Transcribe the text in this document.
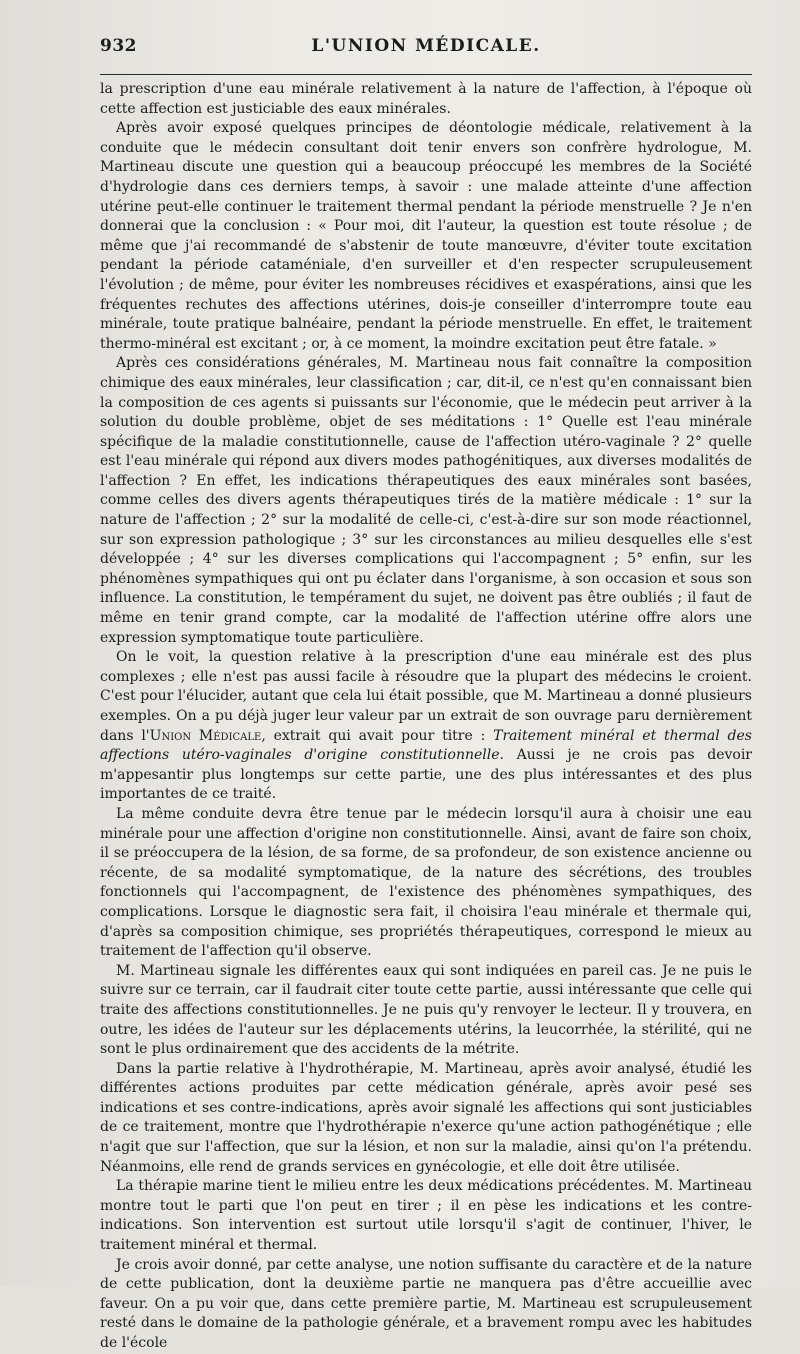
932	L'UNION MÉDICALE.

la prescription d'une eau minérale relativement à la nature de l'affection, à l'époque où cette affection est justiciable des eaux minérales.

Après avoir exposé quelques principes de déontologie médicale, relativement à la conduite que le médecin consultant doit tenir envers son confrère hydrologue, M. Martineau discute une question qui a beaucoup préoccupé les membres de la Société d'hydrologie dans ces derniers temps, à savoir : une malade atteinte d'une affection utérine peut-elle continuer le traitement thermal pendant la période menstruelle ? Je n'en donnerai que la conclusion : « Pour moi, dit l'auteur, la question est toute résolue ; de même que j'ai recommandé de s'abstenir de toute manœuvre, d'éviter toute excitation pendant la période cataméniale, d'en surveiller et d'en respecter scrupuleusement l'évolution ; de même, pour éviter les nombreuses récidives et exaspérations, ainsi que les fréquentes rechutes des affections utérines, dois-je conseiller d'interrompre toute eau minérale, toute pratique balnéaire, pendant la période menstruelle. En effet, le traitement thermo-minéral est excitant ; or, à ce moment, la moindre excitation peut être fatale. »

Après ces considérations générales, M. Martineau nous fait connaître la composition chimique des eaux minérales, leur classification ; car, dit-il, ce n'est qu'en connaissant bien la composition de ces agents si puissants sur l'économie, que le médecin peut arriver à la solution du double problème, objet de ses méditations : 1° Quelle est l'eau minérale spécifique de la maladie constitutionnelle, cause de l'affection utéro-vaginale ? 2° quelle est l'eau minérale qui répond aux divers modes pathogénitiques, aux diverses modalités de l'affection ? En effet, les indications thérapeutiques des eaux minérales sont basées, comme celles des divers agents thérapeutiques tirés de la matière médicale : 1° sur la nature de l'affection ; 2° sur la modalité de celle-ci, c'est-à-dire sur son mode réactionnel, sur son expression pathologique ; 3° sur les circonstances au milieu desquelles elle s'est développée ; 4° sur les diverses complications qui l'accompagnent ; 5° enfin, sur les phénomènes sympathiques qui ont pu éclater dans l'organisme, à son occasion et sous son influence. La constitution, le tempérament du sujet, ne doivent pas être oubliés ; il faut de même en tenir grand compte, car la modalité de l'affection utérine offre alors une expression symptomatique toute particulière.

On le voit, la question relative à la prescription d'une eau minérale est des plus complexes ; elle n'est pas aussi facile à résoudre que la plupart des médecins le croient. C'est pour l'élucider, autant que cela lui était possible, que M. Martineau a donné plusieurs exemples. On a pu déjà juger leur valeur par un extrait de son ouvrage paru dernièrement dans l'Union Médicale, extrait qui avait pour titre : Traitement minéral et thermal des affections utéro-vaginales d'origine constitutionnelle. Aussi je ne crois pas devoir m'appesantir plus longtemps sur cette partie, une des plus intéressantes et des plus importantes de ce traité.

La même conduite devra être tenue par le médecin lorsqu'il aura à choisir une eau minérale pour une affection d'origine non constitutionnelle. Ainsi, avant de faire son choix, il se préoccupera de la lésion, de sa forme, de sa profondeur, de son existence ancienne ou récente, de sa modalité symptomatique, de la nature des sécrétions, des troubles fonctionnels qui l'accompagnent, de l'existence des phénomènes sympathiques, des complications. Lorsque le diagnostic sera fait, il choisira l'eau minérale et thermale qui, d'après sa composition chimique, ses propriétés thérapeutiques, correspond le mieux au traitement de l'affection qu'il observe.

M. Martineau signale les différentes eaux qui sont indiquées en pareil cas. Je ne puis le suivre sur ce terrain, car il faudrait citer toute cette partie, aussi intéressante que celle qui traite des affections constitutionnelles. Je ne puis qu'y renvoyer le lecteur. Il y trouvera, en outre, les idées de l'auteur sur les déplacements utérins, la leucorrhée, la stérilité, qui ne sont le plus ordinairement que des accidents de la métrite.

Dans la partie relative à l'hydrothérapie, M. Martineau, après avoir analysé, étudié les différentes actions produites par cette médication générale, après avoir pesé ses indications et ses contre-indications, après avoir signalé les affections qui sont justiciables de ce traitement, montre que l'hydrothérapie n'exerce qu'une action pathogénétique ; elle n'agit que sur l'affection, que sur la lésion, et non sur la maladie, ainsi qu'on l'a prétendu. Néanmoins, elle rend de grands services en gynécologie, et elle doit être utilisée.

La thérapie marine tient le milieu entre les deux médications précédentes. M. Martineau montre tout le parti que l'on peut en tirer ; il en pèse les indications et les contre-indications. Son intervention est surtout utile lorsqu'il s'agit de continuer, l'hiver, le traitement minéral et thermal.

Je crois avoir donné, par cette analyse, une notion suffisante du caractère et de la nature de cette publication, dont la deuxième partie ne manquera pas d'être accueillie avec faveur. On a pu voir que, dans cette première partie, M. Martineau est scrupuleusement resté dans le domaine de la pathologie générale, et a bravement rompu avec les habitudes de l'école
